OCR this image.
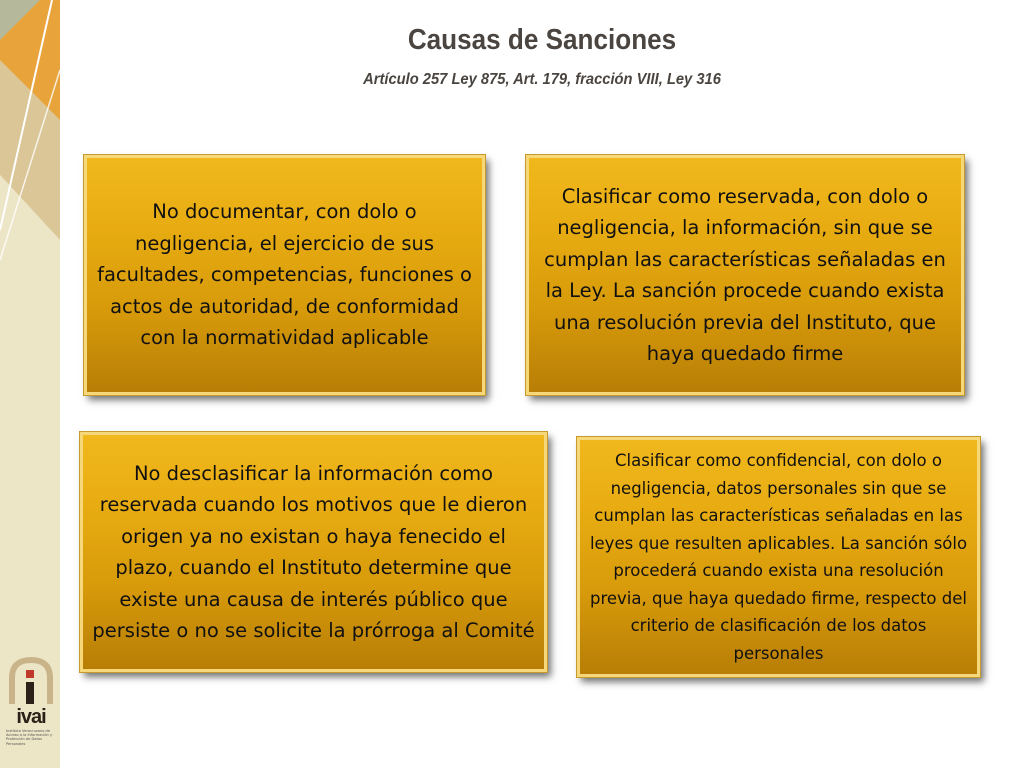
Causas de Sanciones
Artículo 257 Ley 875, Art. 179, fracción VIII, Ley 316
No documentar, con dolo o negligencia, el ejercicio de sus facultades, competencias, funciones o actos de autoridad, de conformidad con la normatividad aplicable
Clasificar como reservada, con dolo o negligencia, la información, sin que se cumplan las características señaladas en la Ley. La sanción procede cuando exista una resolución previa del Instituto, que haya quedado firme
No desclasificar la información como reservada cuando los motivos que le dieron origen ya no existan o haya fenecido el plazo, cuando el Instituto determine que existe una causa de interés público que persiste o no se solicite la prórroga al Comité
Clasificar como confidencial, con dolo o negligencia, datos personales sin que se cumplan las características señaladas en las leyes que resulten aplicables. La sanción sólo procederá cuando exista una resolución previa, que haya quedado firme, respecto del criterio de clasificación de los datos personales
ivai
Instituto Veracruzano de Acceso a la Información y Protección de Datos Personales
